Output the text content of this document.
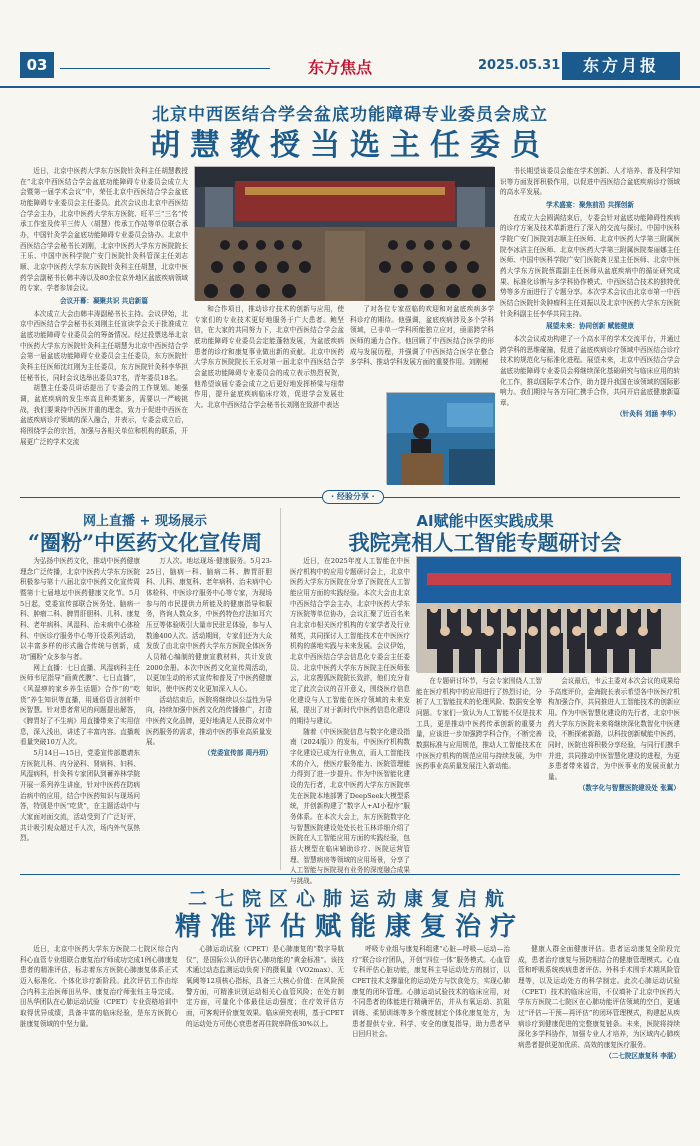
03	东方焦点	2025.05.31	东方月报
北京中西医结合学会盆底功能障碍专业委员会成立
胡慧教授当选主任委员

近日，北京中医药大学东方医院针灸科主任胡慧教授在“北京中西医结合学会盆底功能障碍专业委员会成立大会暨第一届学术会议”中，荣任北京中西医结合学会盆底功能障碍专业委员会主任委员。此次会议由北京中西医结合学会主办，北京中医药大学东方医院、旺平三“三名”传承工作室及传平三传人（胡慧）传承工作站等单位联合承办，中国针灸学会盆底功能障碍专业委员会协办。北京中西医结合学会秘书长刘刚，北京中医药大学东方医院院长王乐、中国中医科学院广安门医院针灸科管深主任刘志顺、北京中医药大学东方医院针灸科主任胡慧，北京中医药学会副秘书长韩丰涛以及80余位京外地区盆底疾病领域的专家、学者参加会议。

会议开幕：凝聚共识 共启新篇

本次成立大会由韩丰涛副秘书长主持。会议伊始，北京中西医结合学会秘书长刘刚主任宣读学会关于批准成立盆底功能障碍专业委员会的筹备情况。经过投票选举北京中医药大学东方医院针灸科主任胡慧为北京中西医结合学会第一届盆底功能障碍专业委员会主任委员，东方医院针灸科主任医师沈红刚为主任委员，东方医院针灸科李华担任秘书长，同时会议选举出委员37名，青年委员18名。

胡慧主任委员讲话提出了专委会的工作规划。她强调，盆底疾病的发生率高且种类繁多，需要以一严峻挑战，我们要秉持中西医并重的理念，致力于促进中西医在盆底疾病诊疗领域的深入融合，并表示，专委会成立后，将围绕学会的宗旨，加强与各相关单位和机构的联系，开展更广泛的学术交流

和合作项目，推动诊疗技术的创新与应用，使专家们的专业技术更好地服务于广大患者。鲍坚信，在大家的共同努力下，北京中西医结合学会盆底功能障碍专业委员会定能蓬勃发展，为盆底疾病患者的诊疗和康复事业做出新的贡献。北京中医药大学东方医院院长王乐对第一届北京中西医结合学会盆底功能障碍专业委员会的成立表示热烈祝贺，他希望该届专委会成立之后更好地发挥桥梁与纽带作用，提升盆底疾病临床疗效，促进学会发展壮大。北京中西医结合学会秘书长刘刚在致辞中表达

了对各位专家莅临的欢迎和对盆底疾病多学科诊疗的期待。他强调，盆底疾病涉及多个学科领域，已非单一学科所能独立应对，亟需跨学科医师的通力合作。他回顾了中西医结合医学的形成与发展历程，并强调了中西医结合医学在整合多学科、推动学科发展方面的重要作用。刘刚秘

书长期望该委员会能在学术创新、人才培养、普及科学知识等方面发挥积极作用，以促进中西医结合盆底疾病诊疗领域的高水平发展。

学术盛宴：聚焦前沿 共探创新

在成立大会圆满结束后，专委会针对盆底功能障碍性疾病的诊疗方案及技术革新进行了深入的交流与探讨。中国中医科学院广安门医院刘志顺主任医师、北京中医药大学第三附属医院李冰洁主任医师、北京中医药大学第三附属医院秦丽娜主任医师、中国中医科学院广安门医院龚卫星主任医师、北京中医药大学东方医院蔡霞副主任医师从盆底疾病中的循证研究成果、标准化诊断与多学科协作模式、中西医结合技术的独特优势等多方面进行了专题分享。本次学术会议由北京市第一中西医结合医院针灸肿瘤科主任刘振以及北京中医药大学东方医院针灸科副主任李华共同主持。

展望未来：协同创新 赋能健康

本次会议成功构建了一个高水平的学术交流平台，并通过跨学科的思维碰撞，促进了盆底疾病诊疗领域中西医结合诊疗技术的规范化与标准化进程。展望未来，北京中西医结合学会盆底功能障碍专业委员会将继续深化基础研究与临床应用的转化工作，推动国际学术合作，助力提升我国在该领域的国际影响力。我们期待与各方同仁携手合作，共同开启盆底健康新篇章。

（针灸科 刘涵 李华）

· 经验分享 ·
网上直播 + 现场展示
“圈粉”中医药文化宣传周

为弘扬中医药文化，推动中医药健康理念广泛传播，北京中医药大学东方医院积极参与第十八届北京中医药文化宣传周暨第十七届地坛中医药健康文化节。5月5日起，党委宣传部联合医务处、脑病一科、肿瘤二科、脾胃肝胆科、儿科、康复科、老年病科、风湿科、治未病中心体检科、中医诊疗服务中心等开设系列活动，以丰富多样的形式融合传统与创新，成功“圈粉”众多参与者。

网上直播：七日直播、风湿病科主任医师韦尼指导“画黄芪膜”、七日直播”，《风湿痹的家乡养生话题》合作”的“吃货”养生知识等直播，用通俗语言剖析中医智慧。针对患者常见的问题提出解答，《脾胃好了不生病》用直播带来了实用信息，深入浅出，讲述了丰富内容。直播观看量突破10万人次。

5月14日—15日，党委宣传部邀请东方医院儿科、内分泌科、肾病科、妇科、风湿病科，针灸科专家团队到蓄养林学院开展一系列养生讲座，针对中医药在防病治病中的应用，结合中医药知识与现场问答，特别是中医“吃货”，在主题活动中与大家面对面交流，活动受到了广泛好评，共计吸引观众超过千人次，场内外气氛热烈。

万人次。地坛现场·健康服务。5月23-25日，脑病一科、脑病二科、脾胃肝胆科、儿科、康复科、老年病科、治未病中心体检科、中医诊疗服务中心等专家，为现场参与的市民提供力所能及的健康指导和服务，咨询人数众多，中医药特色疗法如耳穴压豆等体验吸引大量市民驻足体验，参与人数逾400人次。活动期间，专家们还为大众发放了由北京中医药大学东方医院全体医务人员精心编制的健康宣教材料，共计发放2000余册。本次中医药文化宣传周活动，以更加生动的形式宣传和普及了中医药健康知识，使中医药文化更加深入人心。

活动结束后，医院将继续以公益性为导向，持续加强中医药文化的传播推广，打造中医药文化品牌，更好地满足人民群众对中医药服务的需求，推动中医药事业高质量发展。

（党委宣传部 周丹玥）

AI赋能中医实践成果
我院亮相人工智能专题研讨会

近日，在2025年度人工智能在中医医疗机构中的应用专题研讨会上，北京中医药大学东方医院在分享了医院在人工智能应用方面的实践经验。本次大会由北京中西医结合学会主办，北京中医药大学东方医院等单位协办，会议汇聚了近百名来自北京市相关医疗机构的专家学者及行业精英，共同探讨人工智能技术在中医医疗机构的落地实践与未来发展。会议伊始，北京中西医结合学会信息化专委会主任委员、北京中医药大学东方医院主任医师张云，北京搜狐医院院长致辞，他们充分肯定了此次会议的召开意义，围绕医疗信息化建设与人工智能在医疗领域的未来发展，提出了对于新时代中医药信息化建设的期待与建议。

随着《中医医院信息与数字化建设指南（2024版）》的发布，中医医疗机构数字化建设已成为行业焦点，而人工智能技术的介入，使医疗服务能力、医院管理能力得到了进一步提升。作为中医智能化建设的先行者，北京中医药大学东方医院率先在医院本地部署了DeepSeek大模型系统，并创新构建了“数字人+AI小程序”服务体系。在本次大会上，东方医院数字化与智慧医院建设处处长杜玉林详细介绍了医院在人工智能应用方面的实践经验，包括大模型在临床辅助诊疗、医院运营管理、智慧病房等领域的应用场景，分享了人工智能与医院现有业务的深度融合成果与挑战。

在专题研讨环节，与会专家围绕人工智能在医疗机构中的应用进行了热烈讨论，分析了人工智能技术的伦理风险、数据安全等问题。专家们一致认为人工智能不仅是技术工具，更是推动中医药传承创新的重要力量，应该进一步加强跨学科合作，不断完善数据标准与应用规范，推动人工智能技术在中医医疗机构的规范应用与持续发展，为中医药事业高质量发展注入新动能。

会议最后，韦云主委对本次会议的成果给予高度评价，金海院长表示希望各中医医疗机构加强合作，共同推进人工智能技术的创新应用。作为中医智慧化建设的先行者，北京中医药大学东方医院未来将继续深化数智化中医建设，不断探索新路，以科技创新赋能中医药，同时，医院也将积极分享经验，与同行们携手并进，共同推动中医智慧化建设的进程，为更多患者带来福音，为中医事业的发展贡献力量。

（数字化与智慧医院建设处 张翼）

二七院区心肺运动康复启航
精准评估赋能康复治疗

近日，北京中医药大学东方医院二七院区综合内科心血管专业组联合康复治疗师成功完成1例心肺康复患者的精准评估，标志着东方医院心肺康复体系正式迈入标准化、个体化诊疗新阶段。此次评估工作由综合内科主治医师田丛华、康复治疗师张钰主导完成。田丛华团队在心肺运动试验（CPET）专业资格培训中取得优异成绩，具备丰富的临床经验，是东方医院心脏康复领域的中坚力量。

心肺运动试验（CPET）是心肺康复的“数字导航仪”，是国际公认的评估心肺功能的“黄金标准”。该技术通过动态监测运动负荷下的摄氧量（VO2max）、无氧阈等12项核心指标，具备三大核心价值：在风险预警方面，可精准识别运动相关心血管风险；在处方制定方面，可量化个体最佳运动强度；在疗效评估方面，可客观评价康复效果。临床研究表明，基于CPET的运动处方可使心衰患者再住院率降低30%以上。

呼吸专业组与康复科组建“心脏—呼吸—运动—治疗”联合诊疗团队，开创“四位一体”服务模式。心血管专科评估心脏功能，康复科主导运动处方的制订，以CPET技术支撑量化的运动处方与饮食处方，实现心肺康复的闭环管理。心肺运动试验技术的临床应用，对不同患者的体能进行精确评估，并从有氧运动、抗阻训练、柔韧训练等多个维度制定个体化康复处方，为患者提供专业、科学、安全的康复指导，助力患者早日回归社会。

健康人群全面健康评估。患者运动康复全阶段完成，患者治疗康复与预防相结合的健康管理模式。心血管和呼吸系统疾病患者评估、外科手术围手术期风险管理等，以及运动处方的科学制定。此次心肺运动试验（CPET）技术的临床应用，不仅填补了北京中医药大学东方医院二七院区在心肺功能评估领域的空白，更通过“评估—干预—再评估”的闭环管理模式，构建起从疾病诊疗到健康促进的完整康复链条。未来，医院将持续深化多学科协作，加强专业人才培养，为区域内心肺疾病患者提供更加优质、高效的康复医疗服务。

（二七院区康复科 李湛）
